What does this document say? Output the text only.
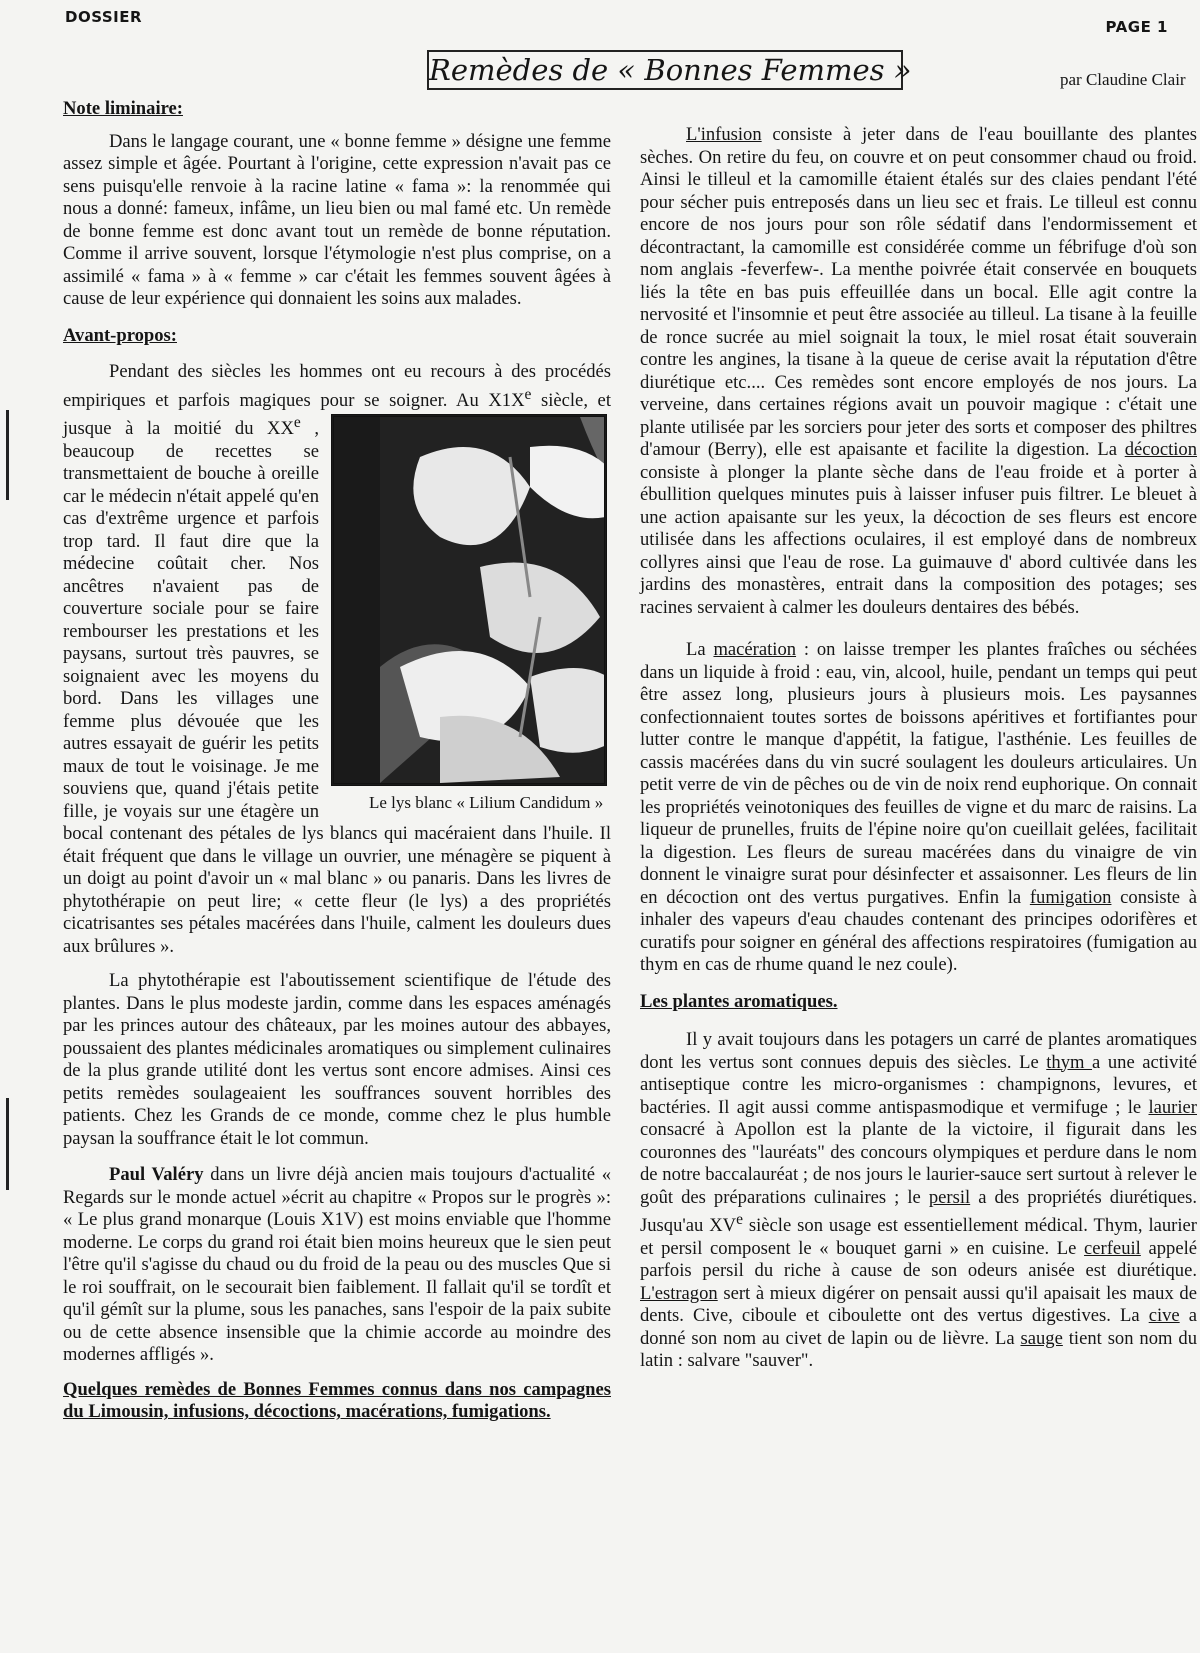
DOSSIER
PAGE 1
Remèdes de « Bonnes Femmes »	par Claudine Clair

Note liminaire:

Dans le langage courant, une « bonne femme » désigne une femme assez simple et âgée. Pourtant à l'origine, cette expression n'avait pas ce sens puisqu'elle renvoie à la racine latine « fama »: la renommée qui nous a donné: fameux, infâme, un lieu bien ou mal famé etc. Un remède de bonne femme est donc avant tout un remède de bonne réputation. Comme il arrive souvent, lorsque l'étymologie n'est plus comprise, on a assimilé « fama » à « femme » car c'était les femmes souvent âgées à cause de leur expérience qui donnaient les soins aux malades.

Avant-propos:

Pendant des siècles les hommes ont eu recours à des procédés empiriques et parfois magiques pour se soigner. Au X1Xe siècle, et jusque à la moitié du XXe
Le lys blanc « Lilium Candidum »
, beaucoup de recettes se transmettaient de bouche à oreille car le médecin n'était appelé qu'en cas d'extrême urgence et parfois trop tard. Il faut dire que la médecine coûtait cher. Nos ancêtres n'avaient pas de couverture sociale pour se faire rembourser les prestations et les paysans, surtout très pauvres, se soignaient avec les moyens du bord. Dans les villages une femme plus dévouée que les autres essayait de guérir les petits maux de tout le voisinage. Je me souviens que, quand j'étais petite fille, je voyais sur une étagère un bocal contenant des pétales de lys blancs qui macéraient dans l'huile. Il était fréquent que dans le village un ouvrier, une ménagère se piquent à un doigt au point d'avoir un « mal blanc » ou panaris. Dans les livres de phytothérapie on peut lire; « cette fleur (le lys) a des propriétés cicatrisantes ses pétales macérées dans l'huile, calment les douleurs dues aux brûlures ».

La phytothérapie est l'aboutissement scientifique de l'étude des plantes. Dans le plus modeste jardin, comme dans les espaces aménagés par les princes autour des châteaux, par les moines autour des abbayes, poussaient des plantes médicinales aromatiques ou simplement culinaires de la plus grande utilité dont les vertus sont encore admises. Ainsi ces petits remèdes soulageaient les souffrances souvent horribles des patients. Chez les Grands de ce monde, comme chez le plus humble paysan la souffrance était le lot commun.

Paul Valéry dans un livre déjà ancien mais toujours d'actualité « Regards sur le monde actuel »écrit au chapitre « Propos sur le progrès »: « Le plus grand monarque (Louis X1V) est moins enviable que l'homme moderne. Le corps du grand roi était bien moins heureux que le sien peut l'être qu'il s'agisse du chaud ou du froid de la peau ou des muscles Que si le roi souffrait, on le secourait bien faiblement. Il fallait qu'il se tordît et qu'il gémît sur la plume, sous les panaches, sans l'espoir de la paix subite ou de cette absence insensible que la chimie accorde au moindre des modernes affligés ».

Quelques remèdes de Bonnes Femmes connus dans nos campagnes du Limousin, infusions, décoctions, macérations, fumigations.

L'infusion consiste à jeter dans de l'eau bouillante des plantes sèches. On retire du feu, on couvre et on peut consommer chaud ou froid. Ainsi le tilleul et la camomille étaient étalés sur des claies pendant l'été pour sécher puis entreposés dans un lieu sec et frais. Le tilleul est connu encore de nos jours pour son rôle sédatif dans l'endormissement et décontractant, la camomille est considérée comme un fébrifuge d'où son nom anglais -feverfew-. La menthe poivrée était conservée en bouquets liés la tête en bas puis effeuillée dans un bocal. Elle agit contre la nervosité et l'insomnie et peut être associée au tilleul. La tisane à la feuille de ronce sucrée au miel soignait la toux, le miel rosat était souverain contre les angines, la tisane à la queue de cerise avait la réputation d'être diurétique etc.... Ces remèdes sont encore employés de nos jours. La verveine, dans certaines régions avait un pouvoir magique : c'était une plante utilisée par les sorciers pour jeter des sorts et composer des philtres d'amour (Berry), elle est apaisante et facilite la digestion. La décoction consiste à plonger la plante sèche dans de l'eau froide et à porter à ébullition quelques minutes puis à laisser infuser puis filtrer. Le bleuet à une action apaisante sur les yeux, la décoction de ses fleurs est encore utilisée dans les affections oculaires, il est employé dans de nombreux collyres ainsi que l'eau de rose. La guimauve d' abord cultivée dans les jardins des monastères, entrait dans la composition des potages; ses racines servaient à calmer les douleurs dentaires des bébés.

La macération : on laisse tremper les plantes fraîches ou séchées dans un liquide à froid : eau, vin, alcool, huile, pendant un temps qui peut être assez long, plusieurs jours à plusieurs mois. Les paysannes confectionnaient toutes sortes de boissons apéritives et fortifiantes pour lutter contre le manque d'appétit, la fatigue, l'asthénie. Les feuilles de cassis macérées dans du vin sucré soulagent les douleurs articulaires. Un petit verre de vin de pêches ou de vin de noix rend euphorique. On connait les propriétés veinotoniques des feuilles de vigne et du marc de raisins. La liqueur de prunelles, fruits de l'épine noire qu'on cueillait gelées, facilitait la digestion. Les fleurs de sureau macérées dans du vinaigre de vin donnent le vinaigre surat pour désinfecter et assaisonner. Les fleurs de lin en décoction ont des vertus purgatives. Enfin la fumigation consiste à inhaler des vapeurs d'eau chaudes contenant des principes odorifères et curatifs pour soigner en général des affections respiratoires (fumigation au thym en cas de rhume quand le nez coule).

Les plantes aromatiques.

Il y avait toujours dans les potagers un carré de plantes aromatiques dont les vertus sont connues depuis des siècles. Le thym a une activité antiseptique contre les micro-organismes : champignons, levures, et bactéries. Il agit aussi comme antispasmodique et vermifuge ; le laurier consacré à Apollon est la plante de la victoire, il figurait dans les couronnes des "lauréats" des concours olympiques et perdure dans le nom de notre baccalauréat ; de nos jours le laurier-sauce sert surtout à relever le goût des préparations culinaires ; le persil a des propriétés diurétiques. Jusqu'au XVe siècle son usage est essentiellement médical. Thym, laurier et persil composent le « bouquet garni » en cuisine. Le cerfeuil appelé parfois persil du riche à cause de son odeurs anisée est diurétique. L'estragon sert à mieux digérer on pensait aussi qu'il apaisait les maux de dents. Cive, ciboule et ciboulette ont des vertus digestives. La cive a donné son nom au civet de lapin ou de lièvre. La sauge tient son nom du latin : salvare "sauver".
